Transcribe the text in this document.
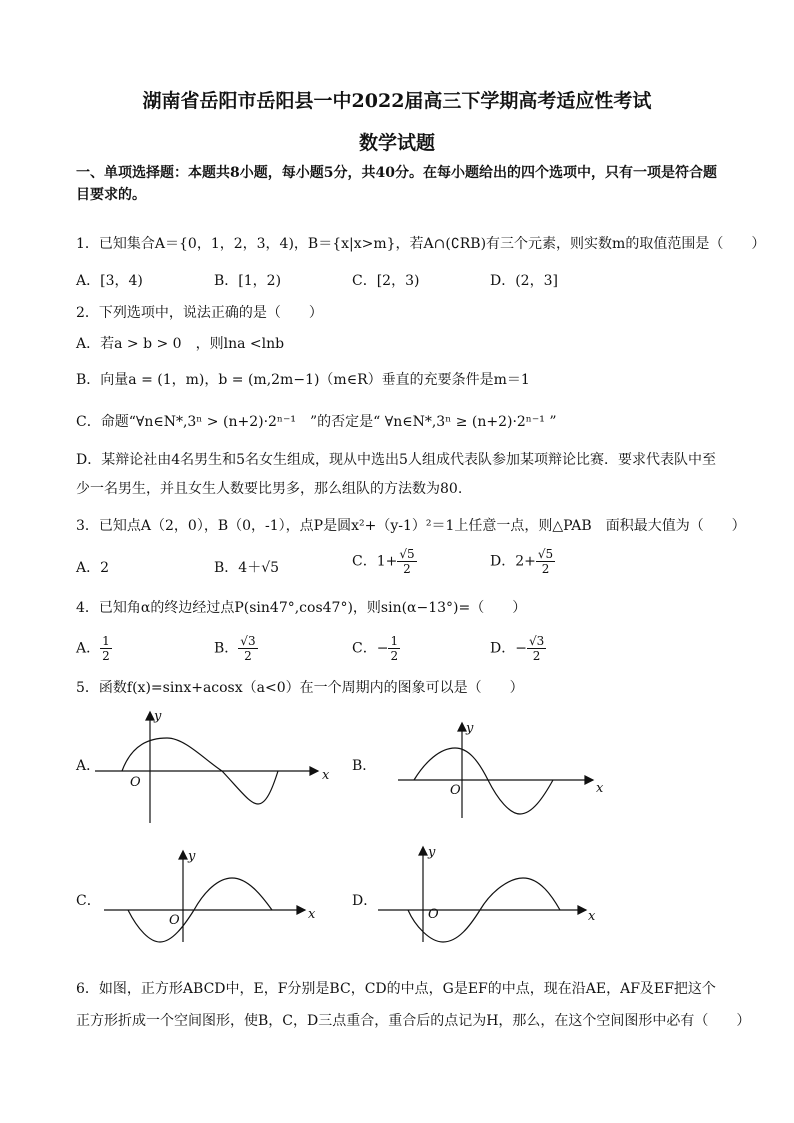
湖南省岳阳市岳阳县一中2022届高三下学期高考适应性考试
数学试题
一、单项选择题：本题共8小题，每小题5分，共40分。在每小题给出的四个选项中，只有一项是符合题
目要求的。
1．已知集合A＝{0，1，2，3，4)，B＝{x|x>m}，若A∩(∁RB)有三个元素，则实数m的取值范围是（　　）
A．[3，4)	B．[1，2)	C．[2，3)	D．(2，3]
2．下列选项中，说法正确的是（　　）
A．若a > b > 0　，则lna <lnb
B．向量a = (1，m)，b = (m,2m−1)（m∈R）垂直的充要条件是m＝1
C．命题“∀n∈N*,3ⁿ > (n+2)·2ⁿ⁻¹　”的否定是“ ∀n∈N*,3ⁿ ≥ (n+2)·2ⁿ⁻¹ ”
D．某辩论社由4名男生和5名女生组成，现从中选出5人组成代表队参加某项辩论比赛．要求代表队中至
少一名男生，并且女生人数要比男多，那么组队的方法数为80.
3．已知点A（2，0），B（0，-1），点P是圆x²+（y-1）²＝1上任意一点，则△PAB　面积最大值为（　　）
A．2	B．4＋√5	C．$1+ \frac{√5}{2}$	D．$2+ \frac{√5}{2}$
4．已知角α的终边经过点P(sin47°,cos47°)，则sin(α−13°)=（　　）
A． $\frac{1}{2}$	B． $\frac{√3}{2}$	C．− $\frac{1}{2}$	D．− $\frac{√3}{2}$
5．函数f(x)=sinx+acosx（a<0）在一个周期内的图象可以是（　　）
A．	B．
C．	D．
y
x
O
y
x
O
y
x
O
y
x
O
6．如图，正方形ABCD中，E，F分别是BC，CD的中点，G是EF的中点，现在沿AE，AF及EF把这个
正方形折成一个空间图形，使B，C，D三点重合，重合后的点记为H，那么，在这个空间图形中必有（　　）
